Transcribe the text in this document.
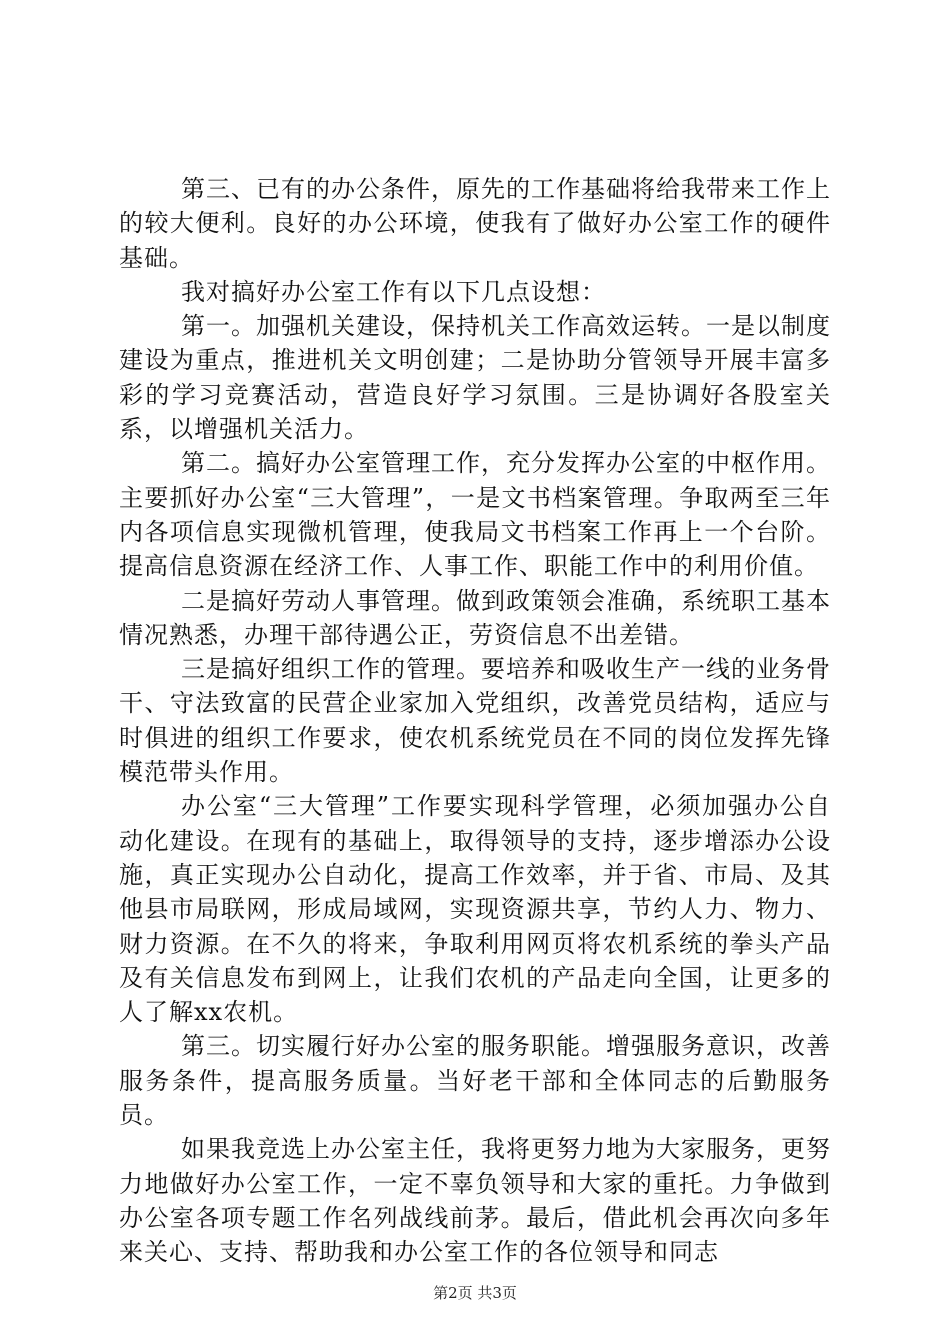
第三、已有的办公条件，原先的工作基础将给我带来工作上的较大便利。良好的办公环境，使我有了做好办公室工作的硬件基础。

我对搞好办公室工作有以下几点设想：

第一。加强机关建设，保持机关工作高效运转。一是以制度建设为重点，推进机关文明创建；二是协助分管领导开展丰富多彩的学习竞赛活动，营造良好学习氛围。三是协调好各股室关系，以增强机关活力。

第二。搞好办公室管理工作，充分发挥办公室的中枢作用。主要抓好办公室“三大管理”，一是文书档案管理。争取两至三年内各项信息实现微机管理，使我局文书档案工作再上一个台阶。提高信息资源在经济工作、人事工作、职能工作中的利用价值。

二是搞好劳动人事管理。做到政策领会准确，系统职工基本情况熟悉，办理干部待遇公正，劳资信息不出差错。

三是搞好组织工作的管理。要培养和吸收生产一线的业务骨干、守法致富的民营企业家加入党组织，改善党员结构，适应与时俱进的组织工作要求，使农机系统党员在不同的岗位发挥先锋模范带头作用。

办公室“三大管理”工作要实现科学管理，必须加强办公自动化建设。在现有的基础上，取得领导的支持，逐步增添办公设施，真正实现办公自动化，提高工作效率，并于省、市局、及其他县市局联网，形成局域网，实现资源共享，节约人力、物力、财力资源。在不久的将来，争取利用网页将农机系统的拳头产品及有关信息发布到网上，让我们农机的产品走向全国，让更多的人了解xx农机。

第三。切实履行好办公室的服务职能。增强服务意识，改善服务条件，提高服务质量。当好老干部和全体同志的后勤服务员。

如果我竞选上办公室主任，我将更努力地为大家服务，更努力地做好办公室工作，一定不辜负领导和大家的重托。力争做到办公室各项专题工作名列战线前茅。最后，借此机会再次向多年来关心、支持、帮助我和办公室工作的各位领导和同志

第2页 共3页
